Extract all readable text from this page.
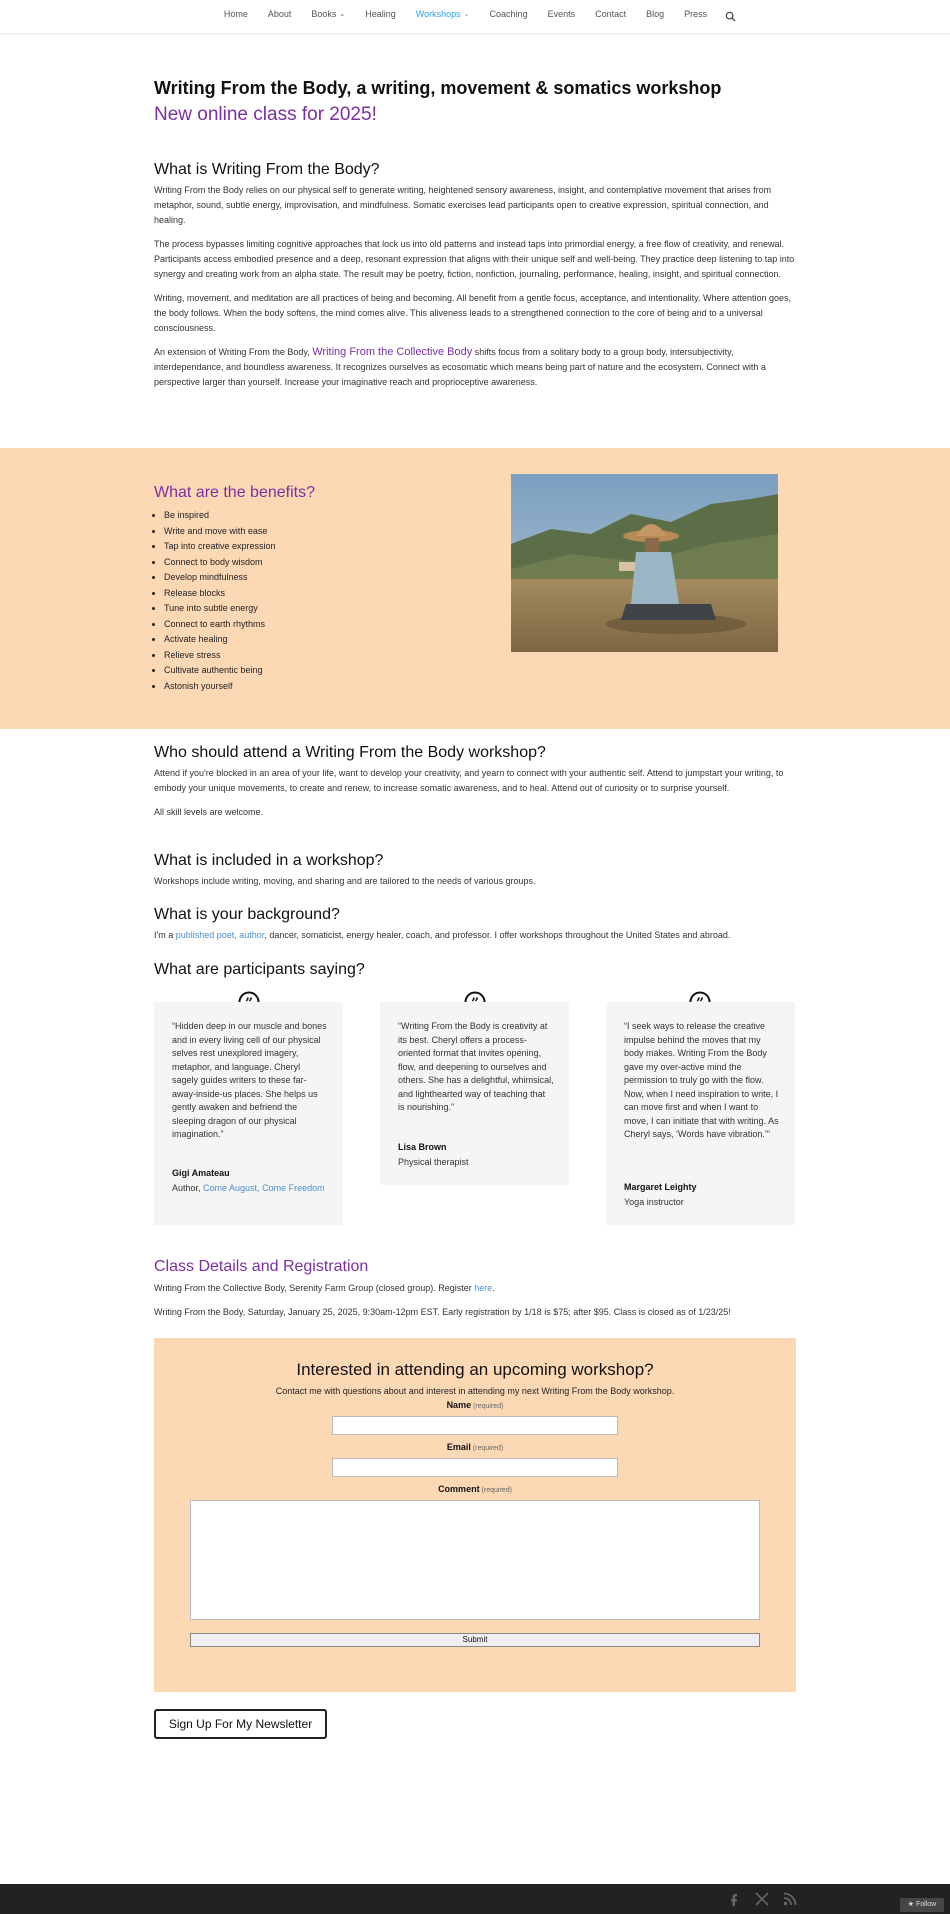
Home About Books ⌄ Healing Workshops ⌄ Coaching Events Contact Blog Press
Writing From the Body, a writing, movement & somatics workshop
New online class for 2025!
What is Writing From the Body?

Writing From the Body relies on our physical self to generate writing, heightened sensory awareness, insight, and contemplative movement that arises from metaphor, sound, subtle energy, improvisation, and mindfulness. Somatic exercises lead participants open to creative expression, spiritual connection, and healing.

The process bypasses limiting cognitive approaches that lock us into old patterns and instead taps into primordial energy, a free flow of creativity, and renewal. Participants access embodied presence and a deep, resonant expression that aligns with their unique self and well-being. They practice deep listening to tap into synergy and creating work from an alpha state. The result may be poetry, fiction, nonfiction, journaling, performance, healing, insight, and spiritual connection.

Writing, movement, and meditation are all practices of being and becoming. All benefit from a gentle focus, acceptance, and intentionality. Where attention goes, the body follows. When the body softens, the mind comes alive. This aliveness leads to a strengthened connection to the core of being and to a universal consciousness.

An extension of Writing From the Body, Writing From the Collective Body shifts focus from a solitary body to a group body, intersubjectivity, interdependance, and boundless awareness. It recognizes ourselves as ecosomatic which means being part of nature and the ecosystem. Connect with a perspective larger than yourself. Increase your imaginative reach and proprioceptive awareness.

What are the benefits?
• Be inspired
• Write and move with ease
• Tap into creative expression
• Connect to body wisdom
• Develop mindfulness
• Release blocks
• Tune into subtle energy
• Connect to earth rhythms
• Activate healing
• Relieve stress
• Cultivate authentic being
• Astonish yourself
Who should attend a Writing From the Body workshop?

Attend if you're blocked in an area of your life, want to develop your creativity, and yearn to connect with your authentic self. Attend to jumpstart your writing, to embody your unique movements, to create and renew, to increase somatic awareness, and to heal. Attend out of curiosity or to surprise yourself.

All skill levels are welcome.

What is included in a workshop?

Workshops include writing, moving, and sharing and are tailored to the needs of various groups.

What is your background?

I'm a published poet, author, dancer, somaticist, energy healer, coach, and professor. I offer workshops throughout the United States and abroad.

What are participants saying?
“Hidden deep in our muscle and bones and in every living cell of our physical selves rest unexplored imagery, metaphor, and language. Cheryl sagely guides writers to these far-away-inside-us places. She helps us gently awaken and befriend the sleeping dragon of our physical imagination.”
Gigi Amateau
Author, Come August, Come Freedom
“Writing From the Body is creativity at its best. Cheryl offers a process-oriented format that invites opening, flow, and deepening to ourselves and others. She has a delightful, whimsical, and lighthearted way of teaching that is nourishing.”
Lisa Brown
Physical therapist
“I seek ways to release the creative impulse behind the moves that my body makes. Writing From the Body gave my over-active mind the permission to truly go with the flow. Now, when I need inspiration to write, I can move first and when I want to move, I can initiate that with writing. As Cheryl says, ‘Words have vibration.’”
Margaret Leighty
Yoga instructor
Class Details and Registration

Writing From the Collective Body, Serenity Farm Group (closed group). Register here.

Writing From the Body, Saturday, January 25, 2025, 9:30am-12pm EST. Early registration by 1/18 is $75; after $95. Class is closed as of 1/23/25!

Interested in attending an upcoming workshop?
Contact me with questions about and interest in attending my next Writing From the Body workshop.
Name (required)
Email (required)
Comment (required)
Submit
Sign Up For My Newsletter
★ Follow
